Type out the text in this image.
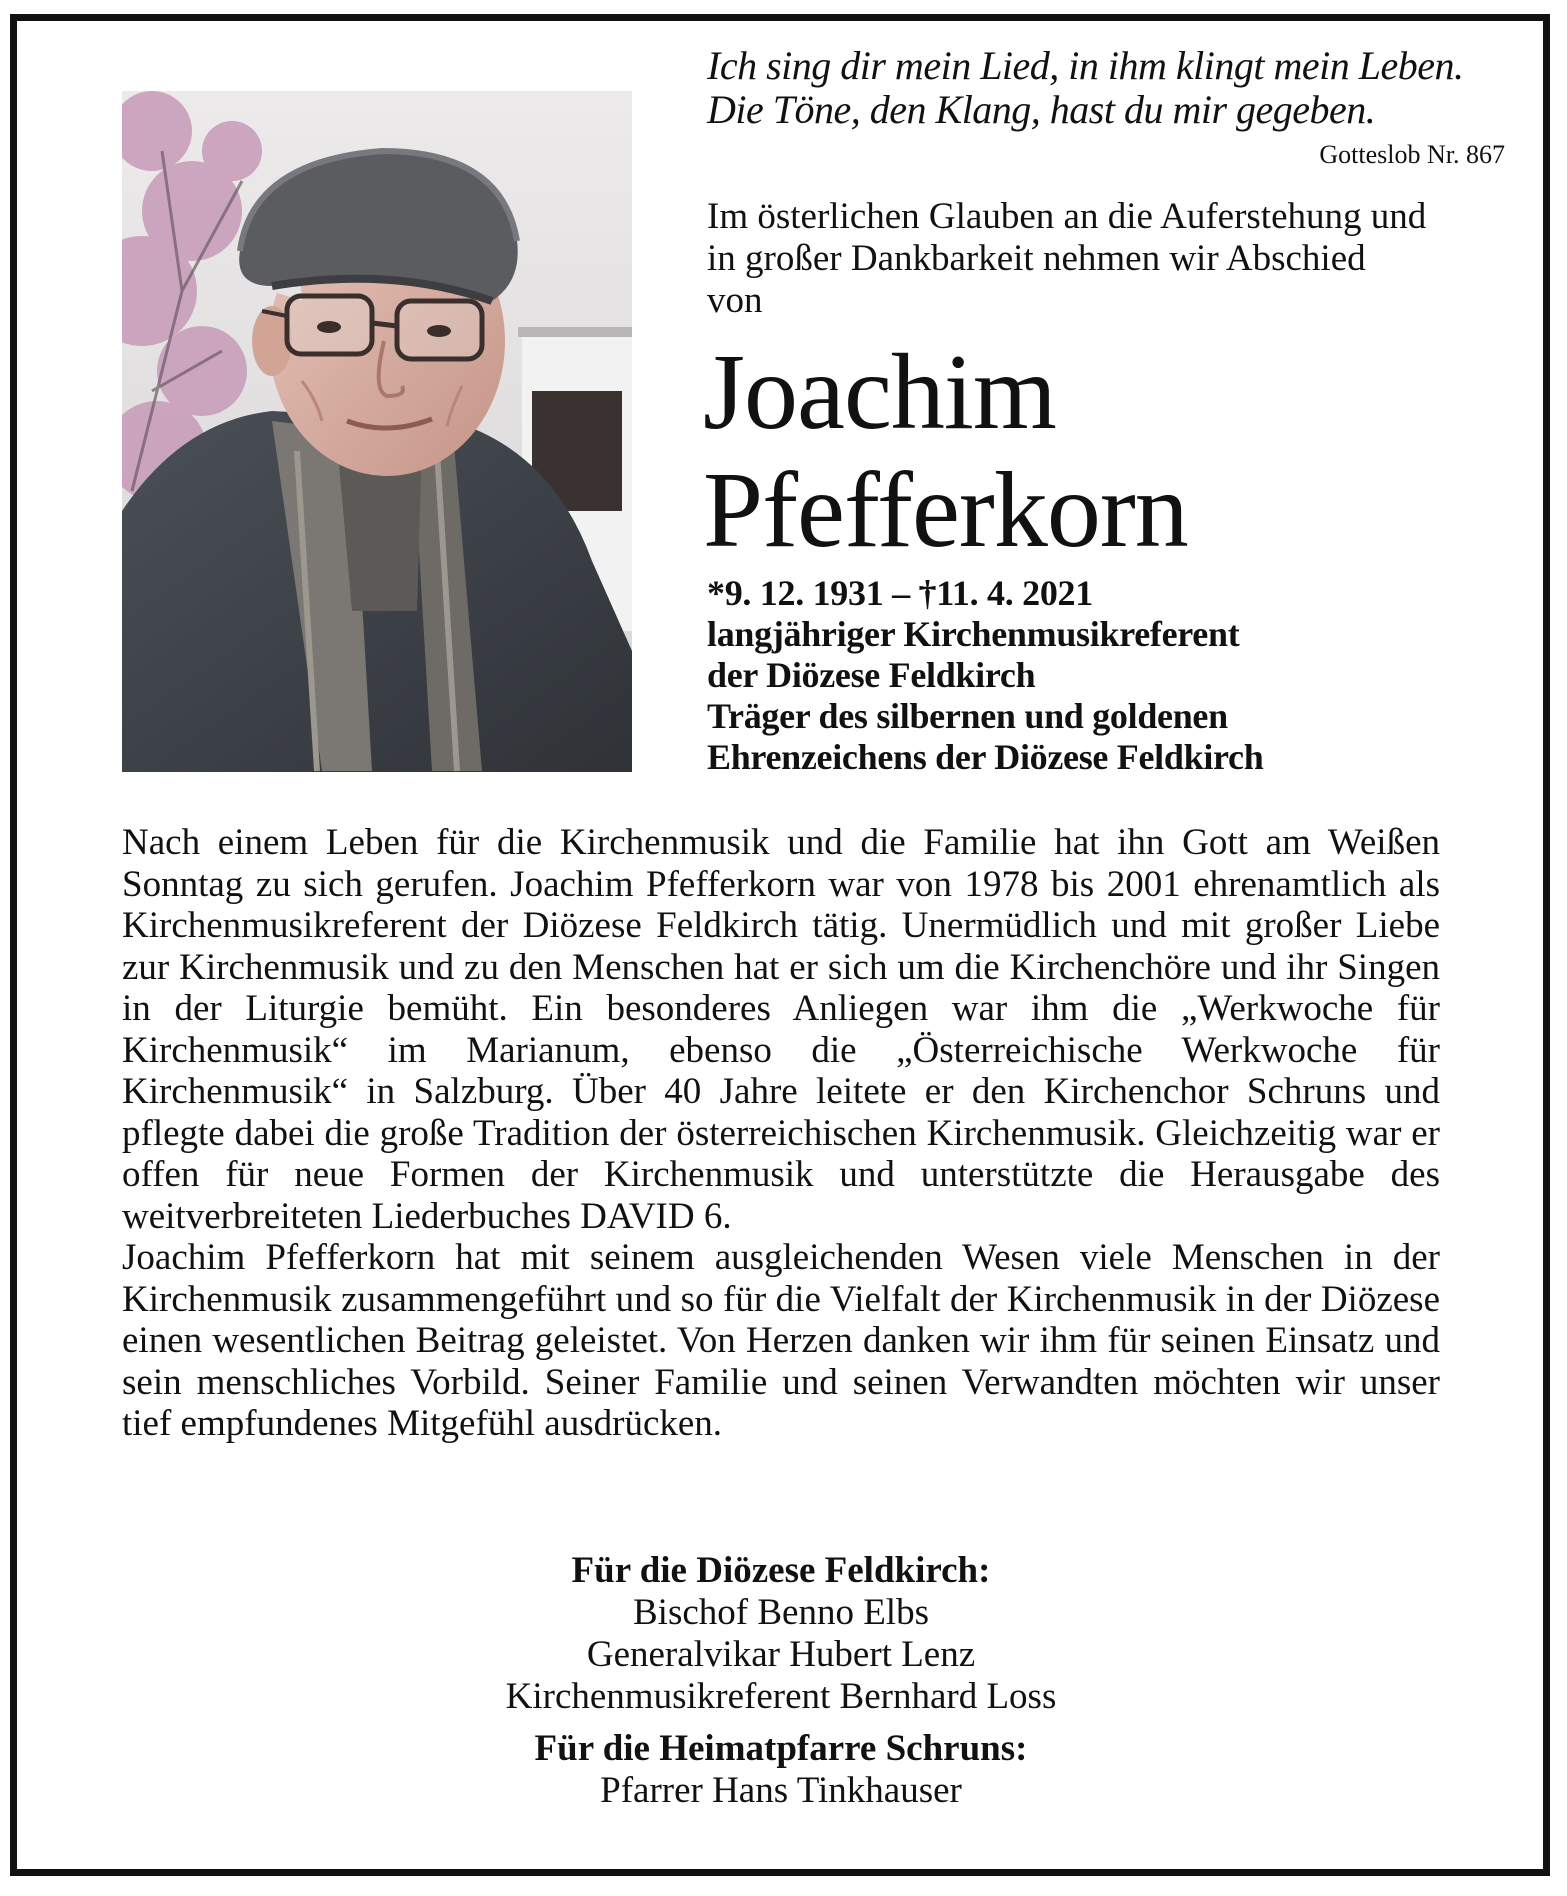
Ich sing dir mein Lied, in ihm klingt mein Leben.
Die Töne, den Klang, hast du mir gegeben.
Gotteslob Nr. 867
Im österlichen Glauben an die Auferstehung und in großer Dankbarkeit nehmen wir Abschied von
Joachim
Pfefferkorn
*9. 12. 1931 – †11. 4. 2021
langjähriger Kirchenmusikreferent
der Diözese Feldkirch
Träger des silbernen und goldenen
Ehrenzeichens der Diözese Feldkirch

Nach einem Leben für die Kirchenmusik und die Familie hat ihn Gott am Weißen Sonntag zu sich gerufen. Joachim Pfefferkorn war von 1978 bis 2001 ehrenamtlich als Kirchenmusikreferent der Diözese Feldkirch tätig. Unermüdlich und mit großer Liebe zur Kirchenmusik und zu den Menschen hat er sich um die Kirchenchöre und ihr Singen in der Liturgie bemüht. Ein besonderes Anliegen war ihm die „Werkwoche für Kirchenmusik“ im Marianum, ebenso die „Österreichische Werkwoche für Kirchenmusik“ in Salzburg. Über 40 Jahre leitete er den Kirchenchor Schruns und pflegte dabei die große Tradition der österreichischen Kirchenmusik. Gleichzeitig war er offen für neue Formen der Kirchenmusik und unterstützte die Herausgabe des weitverbreiteten Liederbuches DAVID 6.

Joachim Pfefferkorn hat mit seinem ausgleichenden Wesen viele Menschen in der Kirchenmusik zusammengeführt und so für die Vielfalt der Kirchenmusik in der Diözese einen wesentlichen Beitrag geleistet. Von Herzen danken wir ihm für seinen Einsatz und sein menschliches Vorbild. Seiner Familie und seinen Verwandten möchten wir unser tief empfundenes Mitgefühl ausdrücken.

Für die Diözese Feldkirch:
Bischof Benno Elbs
Generalvikar Hubert Lenz
Kirchenmusikreferent Bernhard Loss
Für die Heimatpfarre Schruns:
Pfarrer Hans Tinkhauser
